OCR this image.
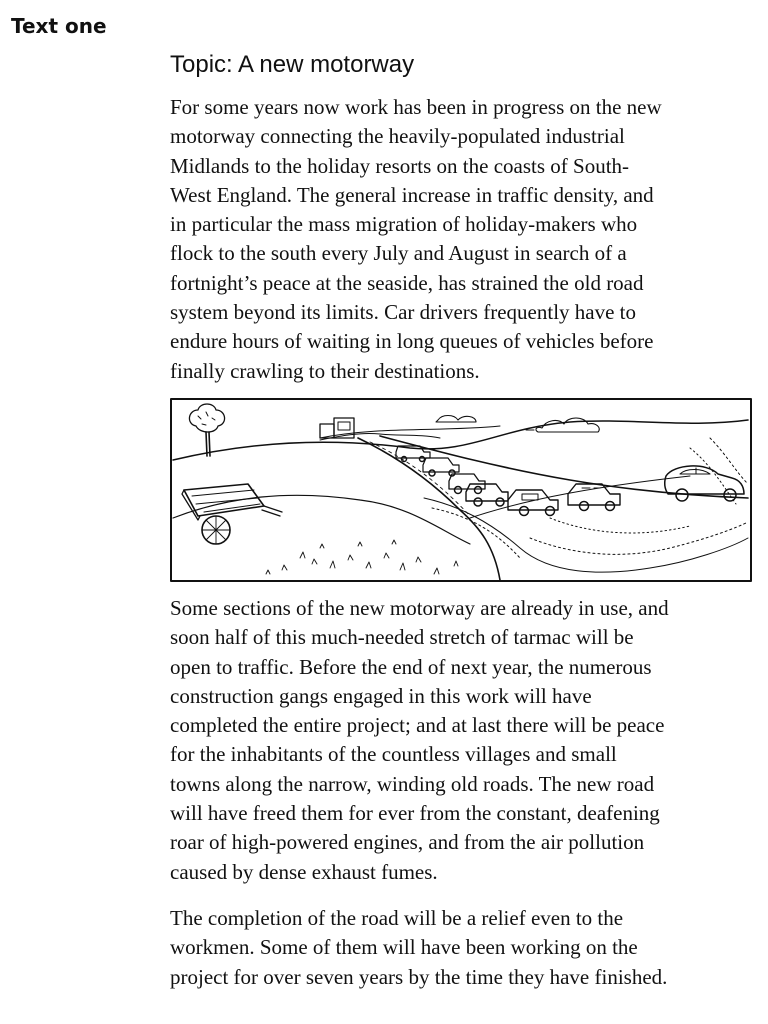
Text one
Topic: A new motorway

For some years now work has been in progress on the new
motorway connecting the heavily-populated industrial
Midlands to the holiday resorts on the coasts of South-
West England. The general increase in traffic density, and
in particular the mass migration of holiday-makers who
flock to the south every July and August in search of a
fortnight’s peace at the seaside, has strained the old road
system beyond its limits. Car drivers frequently have to
endure hours of waiting in long queues of vehicles before
finally crawling to their destinations.

Some sections of the new motorway are already in use, and
soon half of this much-needed stretch of tarmac will be
open to traffic. Before the end of next year, the numerous
construction gangs engaged in this work will have
completed the entire project; and at last there will be peace
for the inhabitants of the countless villages and small
towns along the narrow, winding old roads. The new road
will have freed them for ever from the constant, deafening
roar of high-powered engines, and from the air pollution
caused by dense exhaust fumes.

The completion of the road will be a relief even to the
workmen. Some of them will have been working on the
project for over seven years by the time they have finished.
